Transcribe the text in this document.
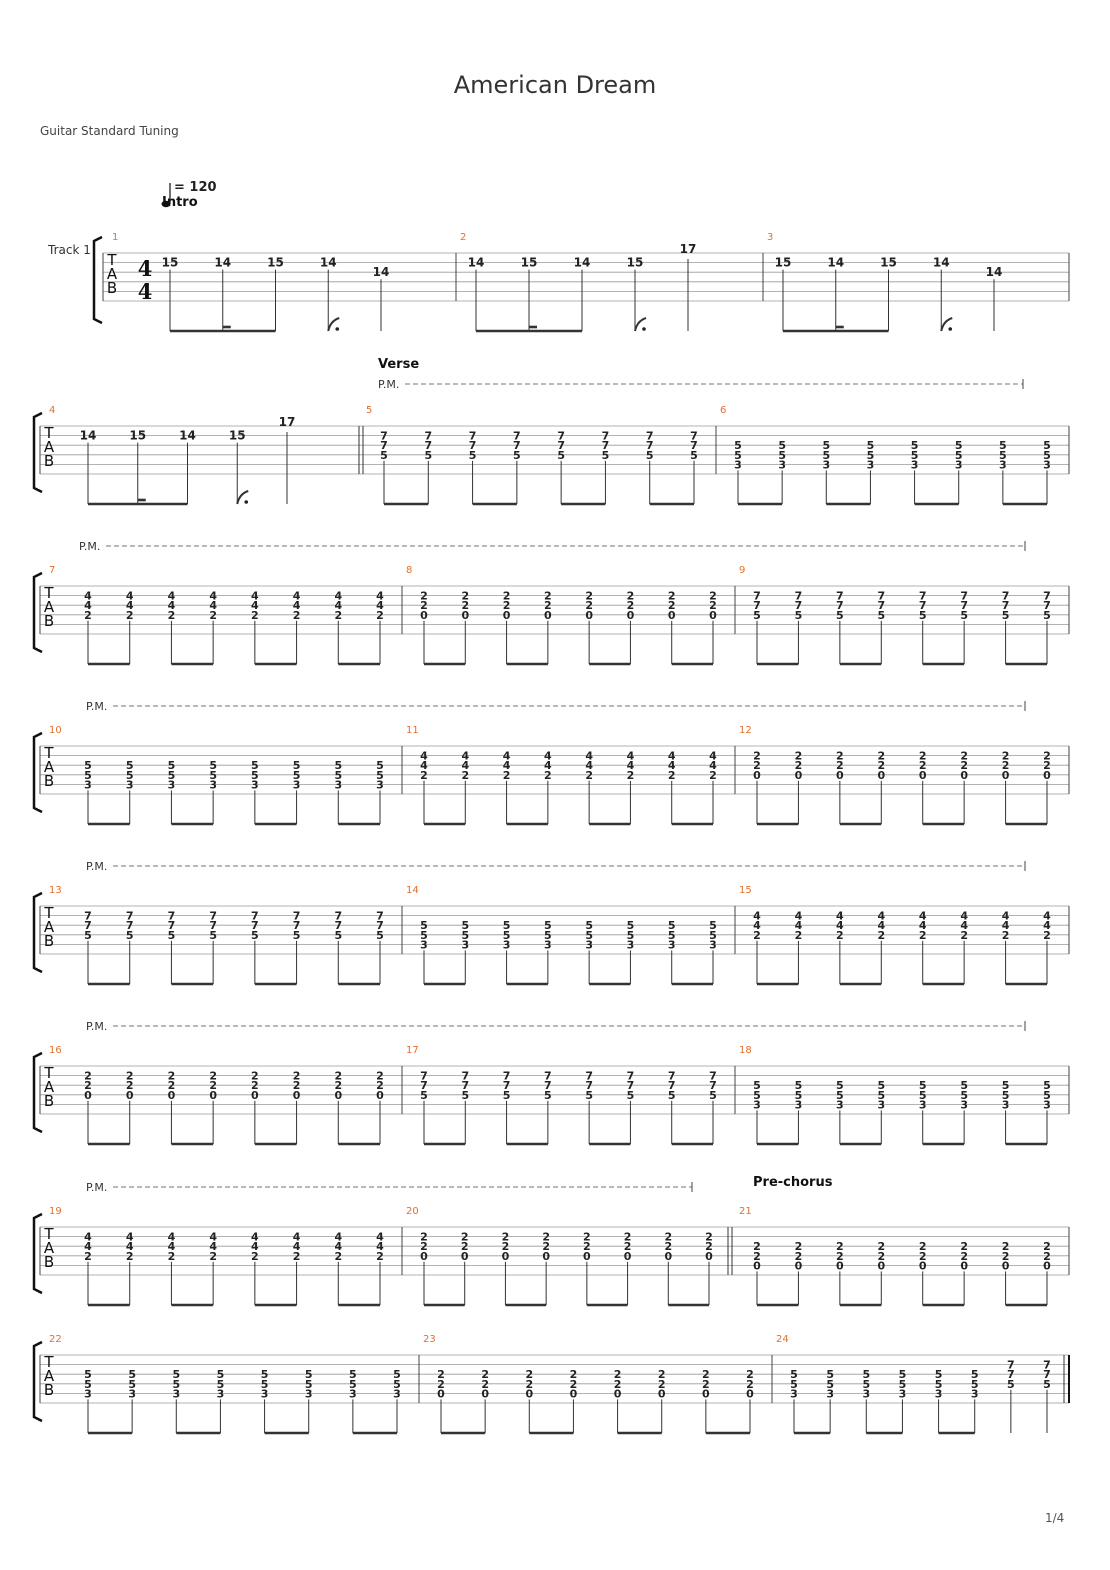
American Dream
Guitar Standard Tuning
= 120
1/4
Track 1
T
A
B
4
4
Intro
1
15	14	15	14
14
2
14	15	14	15
17
3
15	14	15	14
14
T
A
B
Verse
P.M.
4
14	15	14	15
17
5
7
7
5
7
7
5
7
7
5
7
7
5
7
7
5
7
7
5
7
7
5
7
7
5
6
5
5
3
5
5
3
5
5
3
5
5
3
5
5
3
5
5
3
5
5
3
5
5
3
T
A
B
P.M.
7
4
4
2
4
4
2
4
4
2
4
4
2
4
4
2
4
4
2
4
4
2
4
4
2
8
2
2
0
2
2
0
2
2
0
2
2
0
2
2
0
2
2
0
2
2
0
2
2
0
9
7
7
5
7
7
5
7
7
5
7
7
5
7
7
5
7
7
5
7
7
5
7
7
5
T
A
B
P.M.
10
5
5
3
5
5
3
5
5
3
5
5
3
5
5
3
5
5
3
5
5
3
5
5
3
11
4
4
2
4
4
2
4
4
2
4
4
2
4
4
2
4
4
2
4
4
2
4
4
2
12
2
2
0
2
2
0
2
2
0
2
2
0
2
2
0
2
2
0
2
2
0
2
2
0
T
A
B
P.M.
13
7
7
5
7
7
5
7
7
5
7
7
5
7
7
5
7
7
5
7
7
5
7
7
5
14
5
5
3
5
5
3
5
5
3
5
5
3
5
5
3
5
5
3
5
5
3
5
5
3
15
4
4
2
4
4
2
4
4
2
4
4
2
4
4
2
4
4
2
4
4
2
4
4
2
T
A
B
P.M.
16
2
2
0
2
2
0
2
2
0
2
2
0
2
2
0
2
2
0
2
2
0
2
2
0
17
7
7
5
7
7
5
7
7
5
7
7
5
7
7
5
7
7
5
7
7
5
7
7
5
18
5
5
3
5
5
3
5
5
3
5
5
3
5
5
3
5
5
3
5
5
3
5
5
3
T
A
B
Pre-chorus
P.M.
19
4
4
2
4
4
2
4
4
2
4
4
2
4
4
2
4
4
2
4
4
2
4
4
2
20
2
2
0
2
2
0
2
2
0
2
2
0
2
2
0
2
2
0
2
2
0
2
2
0
21
2
2
0
2
2
0
2
2
0
2
2
0
2
2
0
2
2
0
2
2
0
2
2
0
T
A
B
22
5
5
3
5
5
3
5
5
3
5
5
3
5
5
3
5
5
3
5
5
3
5
5
3
23
2
2
0
2
2
0
2
2
0
2
2
0
2
2
0
2
2
0
2
2
0
2
2
0
24
5
5
3
5
5
3
5
5
3
5
5
3
5
5
3
5
5
3
7
7
5
7
7
5
